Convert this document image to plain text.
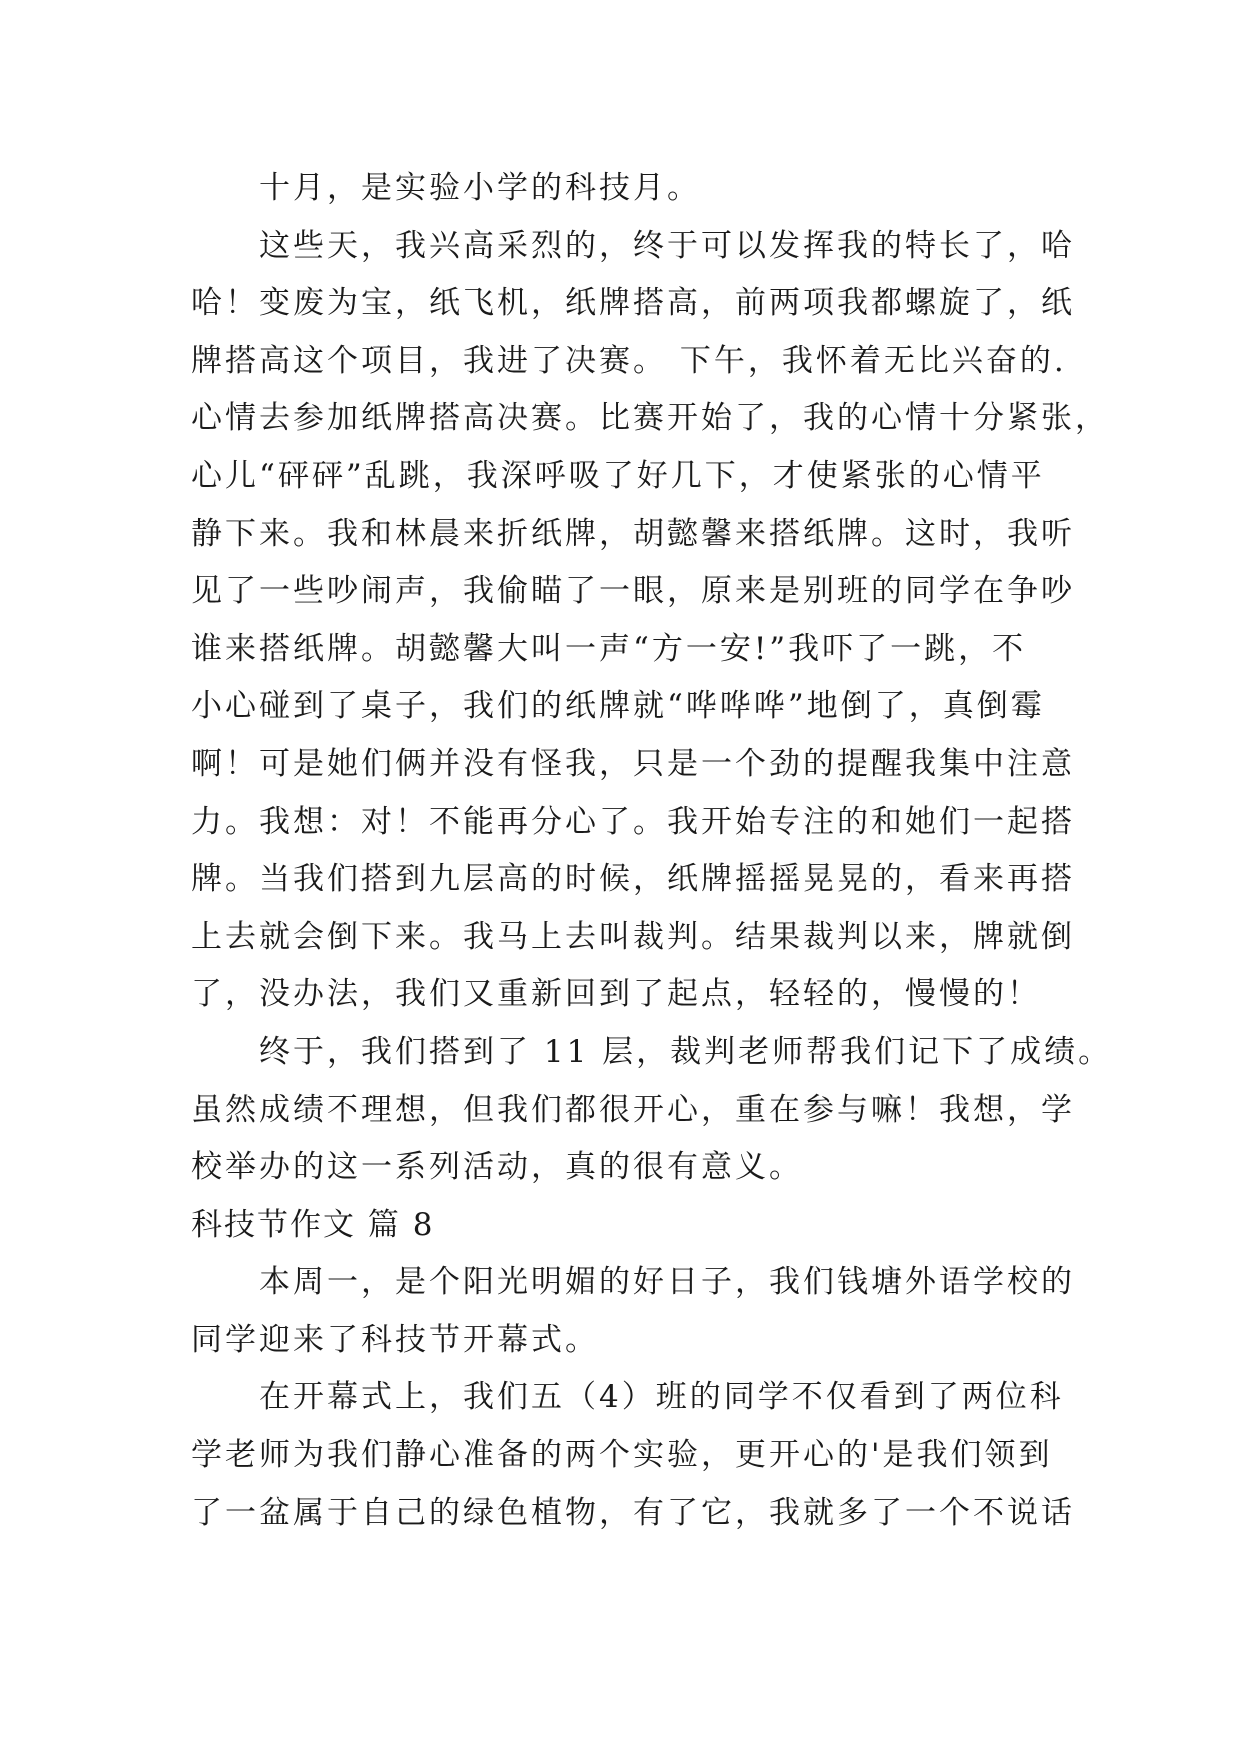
十月，是实验小学的科技月。
这些天，我兴高采烈的，终于可以发挥我的特长了，哈
哈！变废为宝，纸飞机，纸牌搭高，前两项我都螺旋了，纸
牌搭高这个项目，我进了决赛。 下午，我怀着无比兴奋的.
心情去参加纸牌搭高决赛。比赛开始了，我的心情十分紧张，
心儿“砰砰”乱跳，我深呼吸了好几下，才使紧张的心情平
静下来。我和林晨来折纸牌，胡懿馨来搭纸牌。这时，我听
见了一些吵闹声，我偷瞄了一眼，原来是别班的同学在争吵
谁来搭纸牌。胡懿馨大叫一声“方一安!”我吓了一跳，不
小心碰到了桌子，我们的纸牌就“哗哗哗”地倒了，真倒霉
啊！可是她们俩并没有怪我，只是一个劲的提醒我集中注意
力。我想：对！不能再分心了。我开始专注的和她们一起搭
牌。当我们搭到九层高的时候，纸牌摇摇晃晃的，看来再搭
上去就会倒下来。我马上去叫裁判。结果裁判以来，牌就倒
了，没办法，我们又重新回到了起点，轻轻的，慢慢的！
终于，我们搭到了 11 层，裁判老师帮我们记下了成绩。
虽然成绩不理想，但我们都很开心，重在参与嘛！我想，学
校举办的这一系列活动，真的很有意义。
科技节作文 篇 8
本周一，是个阳光明媚的好日子，我们钱塘外语学校的
同学迎来了科技节开幕式。
在开幕式上，我们五（4）班的同学不仅看到了两位科
学老师为我们静心准备的两个实验，更开心的'是我们领到
了一盆属于自己的绿色植物，有了它，我就多了一个不说话
